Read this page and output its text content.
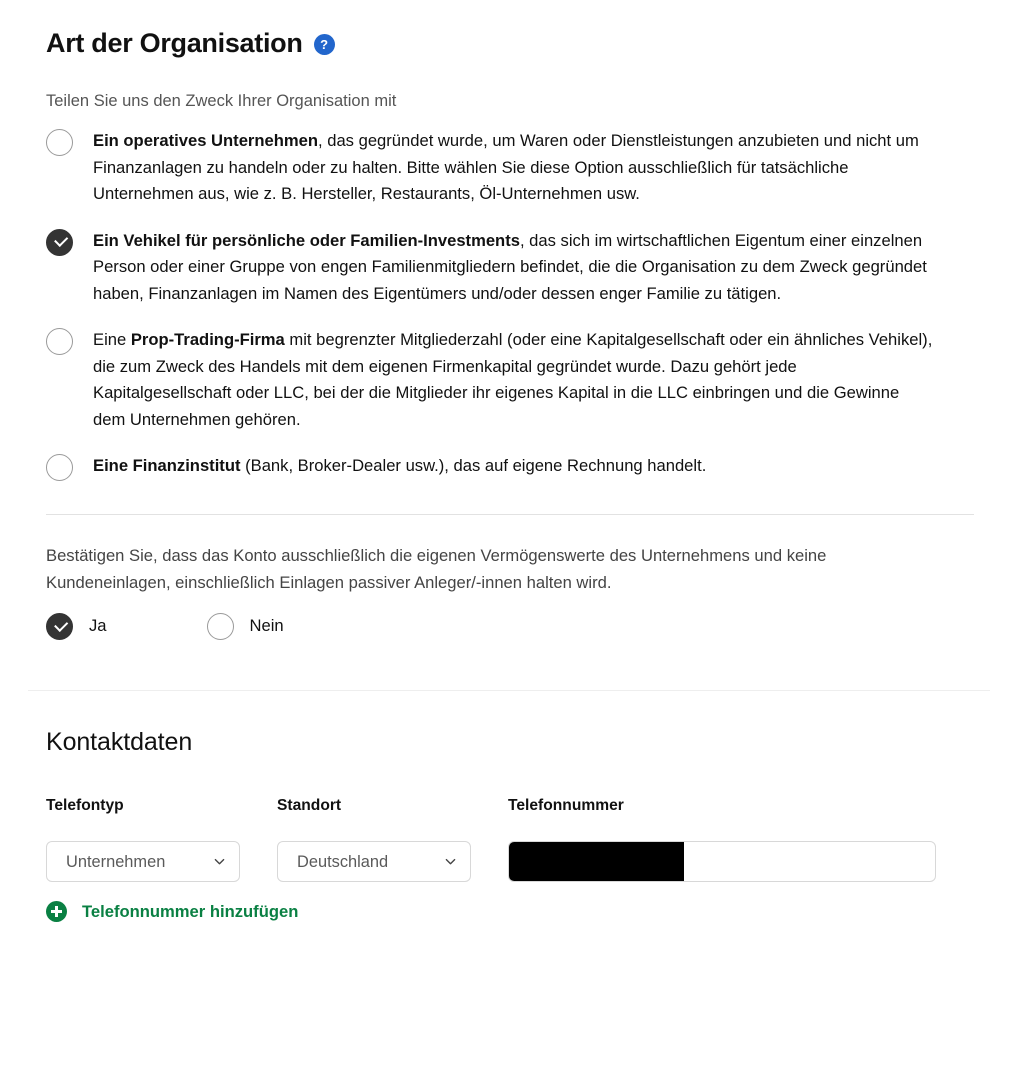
Art der Organisation	?
Teilen Sie uns den Zweck Ihrer Organisation mit
Ein operatives Unternehmen, das gegründet wurde, um Waren oder Dienstleistungen anzubieten und nicht um Finanzanlagen zu handeln oder zu halten. Bitte wählen Sie diese Option ausschließlich für tatsächliche Unternehmen aus, wie z. B. Hersteller, Restaurants, Öl-Unternehmen usw.
Ein Vehikel für persönliche oder Familien-Investments, das sich im wirtschaftlichen Eigentum einer einzelnen Person oder einer Gruppe von engen Familienmitgliedern befindet, die die Organisation zu dem Zweck gegründet haben, Finanzanlagen im Namen des Eigentümers und/oder dessen enger Familie zu tätigen.
Eine Prop-Trading-Firma mit begrenzter Mitgliederzahl (oder eine Kapitalgesellschaft oder ein ähnliches Vehikel), die zum Zweck des Handels mit dem eigenen Firmenkapital gegründet wurde. Dazu gehört jede Kapitalgesellschaft oder LLC, bei der die Mitglieder ihr eigenes Kapital in die LLC einbringen und die Gewinne dem Unternehmen gehören.
Eine Finanzinstitut (Bank, Broker-Dealer usw.), das auf eigene Rechnung handelt.
Bestätigen Sie, dass das Konto ausschließlich die eigenen Vermögenswerte des Unternehmens und keine Kundeneinlagen, einschließlich Einlagen passiver Anleger/-innen halten wird.
Ja	Nein
Kontaktdaten
Telefontyp
Unternehmen
Standort
Deutschland
Telefonnummer
Telefonnummer hinzufügen
